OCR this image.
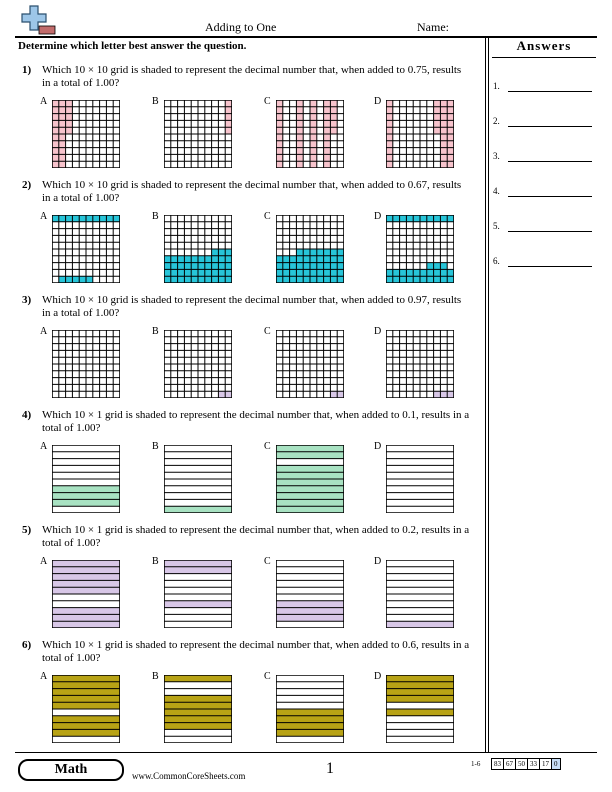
Adding to One	Name:
Determine which letter best answer the question.	Answers
1.
2.
3.
4.
5.
6.
1) Which 10 × 10 grid is shaded to represent the decimal number that, when added to 0.75, results in a total of 1.00?
A	B	C	D
2) Which 10 × 10 grid is shaded to represent the decimal number that, when added to 0.67, results in a total of 1.00?
A	B	C	D
3) Which 10 × 10 grid is shaded to represent the decimal number that, when added to 0.97, results in a total of 1.00?
A	B	C	D
4) Which 10 × 1 grid is shaded to represent the decimal number that, when added to 0.1, results in a total of 1.00?
A	B	C	D
5) Which 10 × 1 grid is shaded to represent the decimal number that, when added to 0.2, results in a total of 1.00?
A	B	C	D
6) Which 10 × 1 grid is shaded to represent the decimal number that, when added to 0.6, results in a total of 1.00?
A	B	C	D
Math	www.CommonCoreSheets.com	1	1-6	83 67 50 33 17 0
